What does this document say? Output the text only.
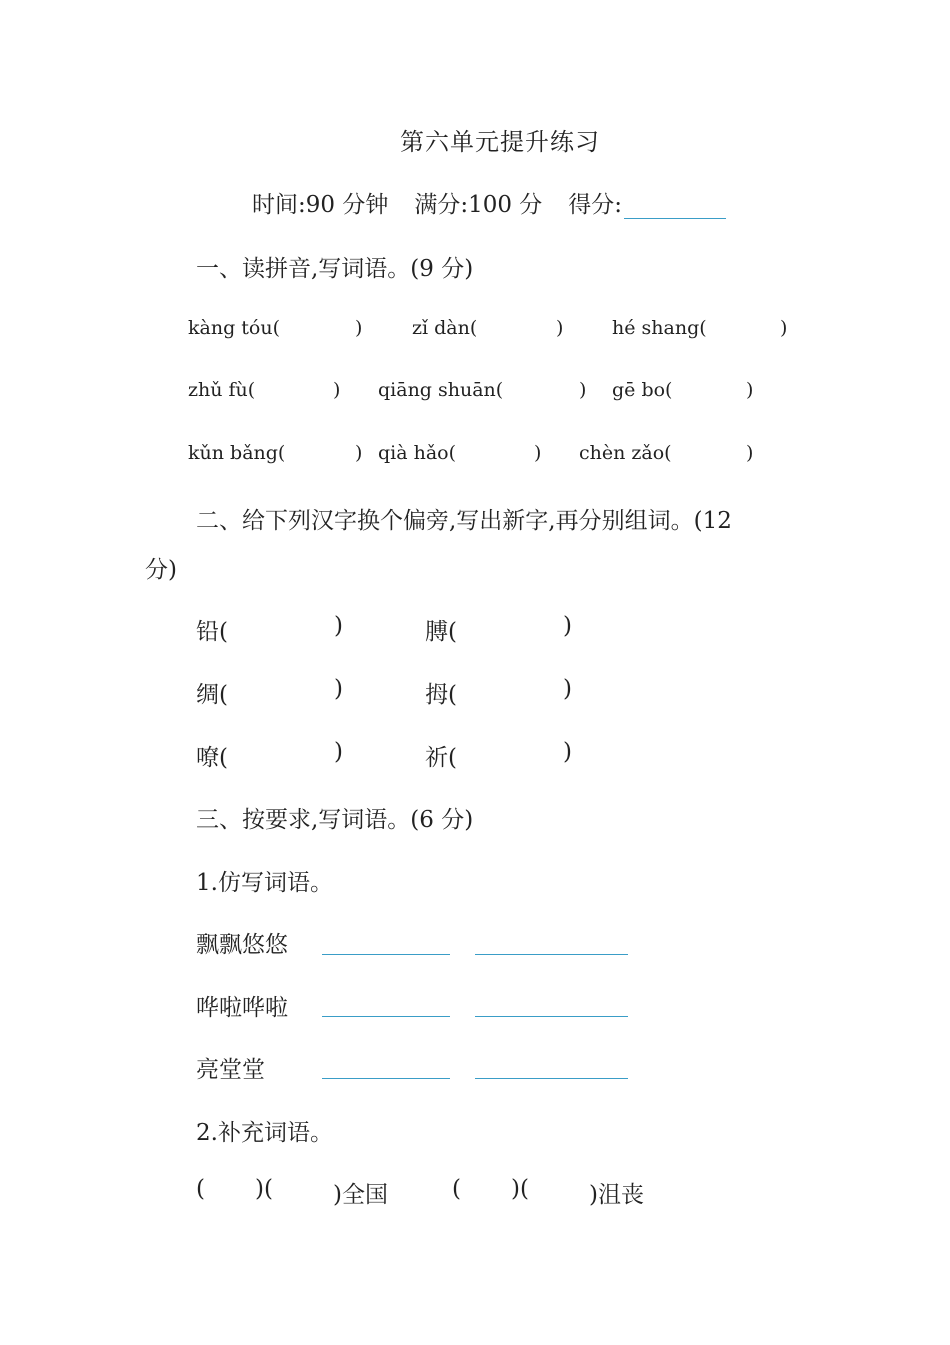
第六单元提升练习
时间:90 分钟 满分:100 分 得分:
一、读拼音,写词语。(9 分)
kàng tóu(	)	zǐ dàn(	)	hé shang(	)
zhǔ fù(	) qiāng shuān(	) gē bo(	)
kǔn bǎng(	) qià hǎo(	) chèn zǎo(	)
二、给下列汉字换个偏旁,写出新字,再分别组词。(12
分)
铅(	)	膊(	)
绸(	)	拇(	)
嘹(	)	祈(	)
三、按要求,写词语。(6 分)
1.仿写词语。
飘飘悠悠
哗啦哗啦
亮堂堂
2.补充词语。
( )(	)全国	( )(	)沮丧
